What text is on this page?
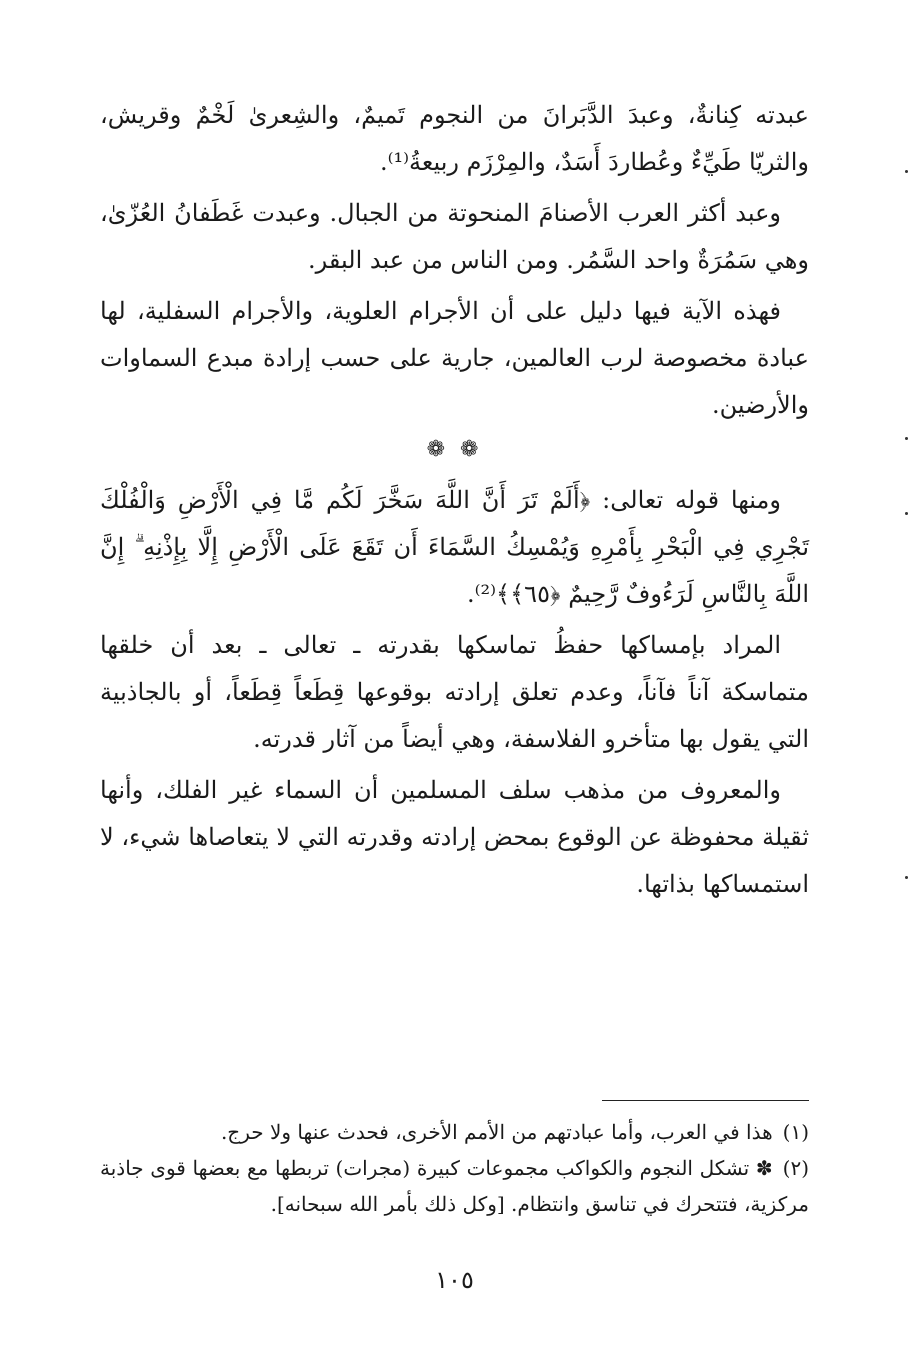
عبدته كِنانةٌ، وعبدَ الدَّبَرانَ من النجوم تَميمٌ، والشِعرىٰ لَخْمٌ وقريش، والثريّا طَيِّءٌ وعُطاردَ أَسَدٌ، والمِرْزَم ربيعةُ⁽¹⁾.

وعبد أكثر العرب الأصنامَ المنحوتة من الجبال. وعبدت غَطَفانُ العُزّىٰ، وهي سَمُرَةٌ واحد السَّمُر. ومن الناس من عبد البقر.

فهذه الآية فيها دليل على أن الأجرام العلوية، والأجرام السفلية، لها عبادة مخصوصة لرب العالمين، جارية على حسب إرادة مبدع السماوات والأرضين.

❁ ❁

ومنها قوله تعالى: ﴿أَلَمْ تَرَ أَنَّ اللَّهَ سَخَّرَ لَكُم مَّا فِي الْأَرْضِ وَالْفُلْكَ تَجْرِي فِي الْبَحْرِ بِأَمْرِهِ وَيُمْسِكُ السَّمَاءَ أَن تَقَعَ عَلَى الْأَرْضِ إِلَّا بِإِذْنِهِ ۗ إِنَّ اللَّهَ بِالنَّاسِ لَرَءُوفٌ رَّحِيمٌ ﴿٦٥﴾﴾⁽²⁾.

المراد بإمساكها حفظُ تماسكها بقدرته ـ تعالى ـ بعد أن خلقها متماسكة آناً فآناً، وعدم تعلق إرادته بوقوعها قِطَعاً قِطَعاً، أو بالجاذبية التي يقول بها متأخرو الفلاسفة، وهي أيضاً من آثار قدرته.

والمعروف من مذهب سلف المسلمين أن السماء غير الفلك، وأنها ثقيلة محفوظة عن الوقوع بمحض إرادته وقدرته التي لا يتعاصاها شيء، لا استمساكها بذاتها.

(١)هذا في العرب، وأما عبادتهم من الأمم الأخرى، فحدث عنها ولا حرج.

(٢)✽ تشكل النجوم والكواكب مجموعات كبيرة (مجرات) تربطها مع بعضها قوى جاذبة مركزية، فتتحرك في تناسق وانتظام. [وكل ذلك بأمر الله سبحانه].

١٠٥
